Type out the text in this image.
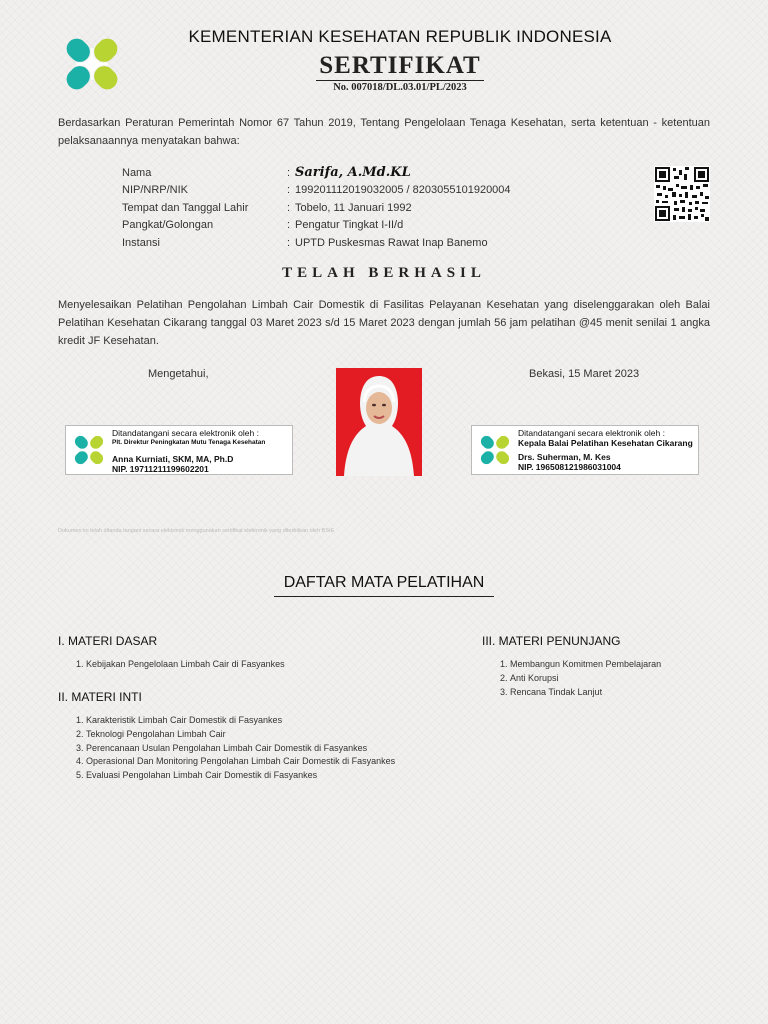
KEMENTERIAN KESEHATAN REPUBLIK INDONESIA
SERTIFIKAT
No. 007018/DL.03.01/PL/2023
Berdasarkan Peraturan Pemerintah Nomor 67 Tahun 2019, Tentang Pengelolaan Tenaga Kesehatan, serta ketentuan - ketentuan pelaksanaannya menyatakan bahwa:
Nama	: Sarifa, A.Md.KL
NIP/NRP/NIK	: 199201112019032005 / 8203055101920004
Tempat dan Tanggal Lahir	: Tobelo, 11 Januari 1992
Pangkat/Golongan	: Pengatur Tingkat I-II/d
Instansi	: UPTD Puskesmas Rawat Inap Banemo
TELAH BERHASIL
Menyelesaikan Pelatihan Pengolahan Limbah Cair Domestik di Fasilitas Pelayanan Kesehatan yang diselenggarakan oleh Balai Pelatihan Kesehatan Cikarang tanggal 03 Maret 2023 s/d 15 Maret 2023 dengan jumlah 56 jam pelatihan @45 menit senilai 1 angka kredit JF Kesehatan.
Mengetahui,	Bekasi, 15 Maret 2023
Ditandatangani secara elektronik oleh :
Plt. Direktur Peningkatan Mutu Tenaga Kesehatan
Anna Kurniati, SKM, MA, Ph.D
NIP. 19711211199602201
Ditandatangani secara elektronik oleh :
Kepala Balai Pelatihan Kesehatan Cikarang
Drs. Suherman, M. Kes
NIP. 196508121986031004
Dokumen ini telah ditanda tangani secara elektronik menggunakan sertifikat elektronik yang diterbitkan oleh BSrE
DAFTAR MATA PELATIHAN
I. MATERI DASAR
1. Kebijakan Pengelolaan Limbah Cair di Fasyankes
II. MATERI INTI
1. Karakteristik Limbah Cair Domestik di Fasyankes
2. Teknologi Pengolahan Limbah Cair
3. Perencanaan Usulan Pengolahan Limbah Cair Domestik di Fasyankes
4. Operasional Dan Monitoring Pengolahan Limbah Cair Domestik di Fasyankes
5. Evaluasi Pengolahan Limbah Cair Domestik di Fasyankes
III. MATERI PENUNJANG
1. Membangun Komitmen Pembelajaran
2. Anti Korupsi
3. Rencana Tindak Lanjut
